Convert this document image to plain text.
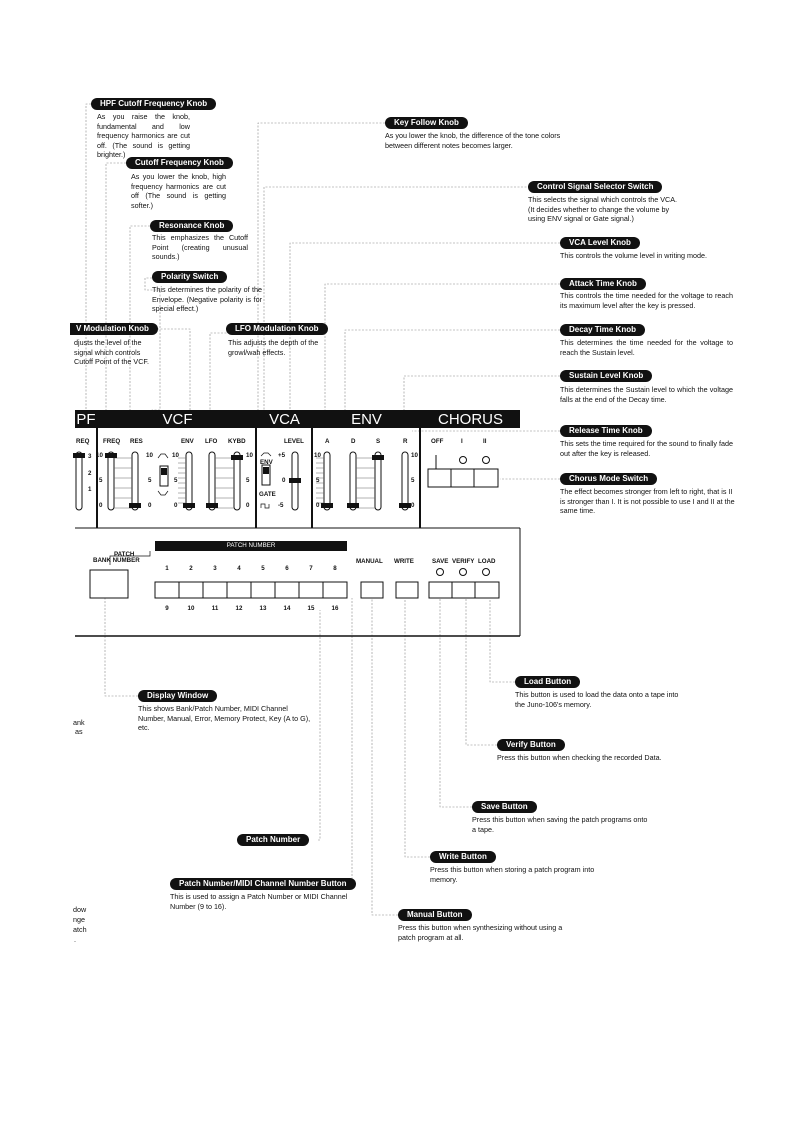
PF	VCF	VCA	ENV	CHORUS
REQ FREQ RES	ENV LFO KYBD	LEVEL	A	D	S	R
10
5
0
3
2
1
10
5
0
10
5
0
10
5
0
+5
-5
0
ENV
GATE
10
5
0
10
5
0
OFF	I	II
PATCH
BANK NUMBER
PATCH NUMBER
MANUAL WRITE	SAVE VERIFY LOAD
1	2	3	4	5	6	7	8
9	10	11	12	13	14	15	16
HPF Cutoff Frequency Knob
As you raise the knob, fundamental and low frequency harmonics are cut off. (The sound is getting brighter.)
Cutoff Frequency Knob
As you lower the knob, high frequency harmonics are cut off (The sound is getting softer.)
Resonance Knob
This emphasizes the Cutoff Point (creating unusual sounds.)
Polarity Switch
This determines the polarity of the Envelope. (Negative polarity is for special effect.)
V Modulation Knob
djusts the level of the signal which controls Cutoff Point of the VCF.
LFO Modulation Knob
This adjusts the depth of the growl/wah effects.
Key Follow Knob
As you lower the knob, the difference of the tone colors between different notes becomes larger.
Control Signal Selector Switch
This selects the signal which controls the VCA. (It decides whether to change the volume by using ENV signal or Gate signal.)
VCA Level Knob
This controls the volume level in writing mode.
Attack Time Knob
This controls the time needed for the voltage to reach its maximum level after the key is pressed.
Decay Time Knob
This determines the time needed for the voltage to reach the Sustain level.
Sustain Level Knob
This determines the Sustain level to which the voltage falls at the end of the Decay time.
Release Time Knob
This sets the time required for the sound to finally fade out after the key is released.
Chorus Mode Switch
The effect becomes stronger from left to right, that is II is stronger than I. It is not possible to use I and II at the same time.
Load Button
This button is used to load the data onto a tape into the Juno-106's memory.
Verify Button
Press this button when checking the recorded Data.
Display Window
This shows Bank/Patch Number, MIDI Channel Number, Manual, Error, Memory Protect, Key (A to G), etc.
Save Button
Press this button when saving the patch programs onto a tape.
Patch Number
Write Button
Press this button when storing a patch program into memory.
Patch Number/MIDI Channel Number Button
This is used to assign a Patch Number or MIDI Channel Number (9 to 16).
Manual Button
Press this button when synthesizing without using a patch program at all.
ank
as
dow
nge
atch
.
